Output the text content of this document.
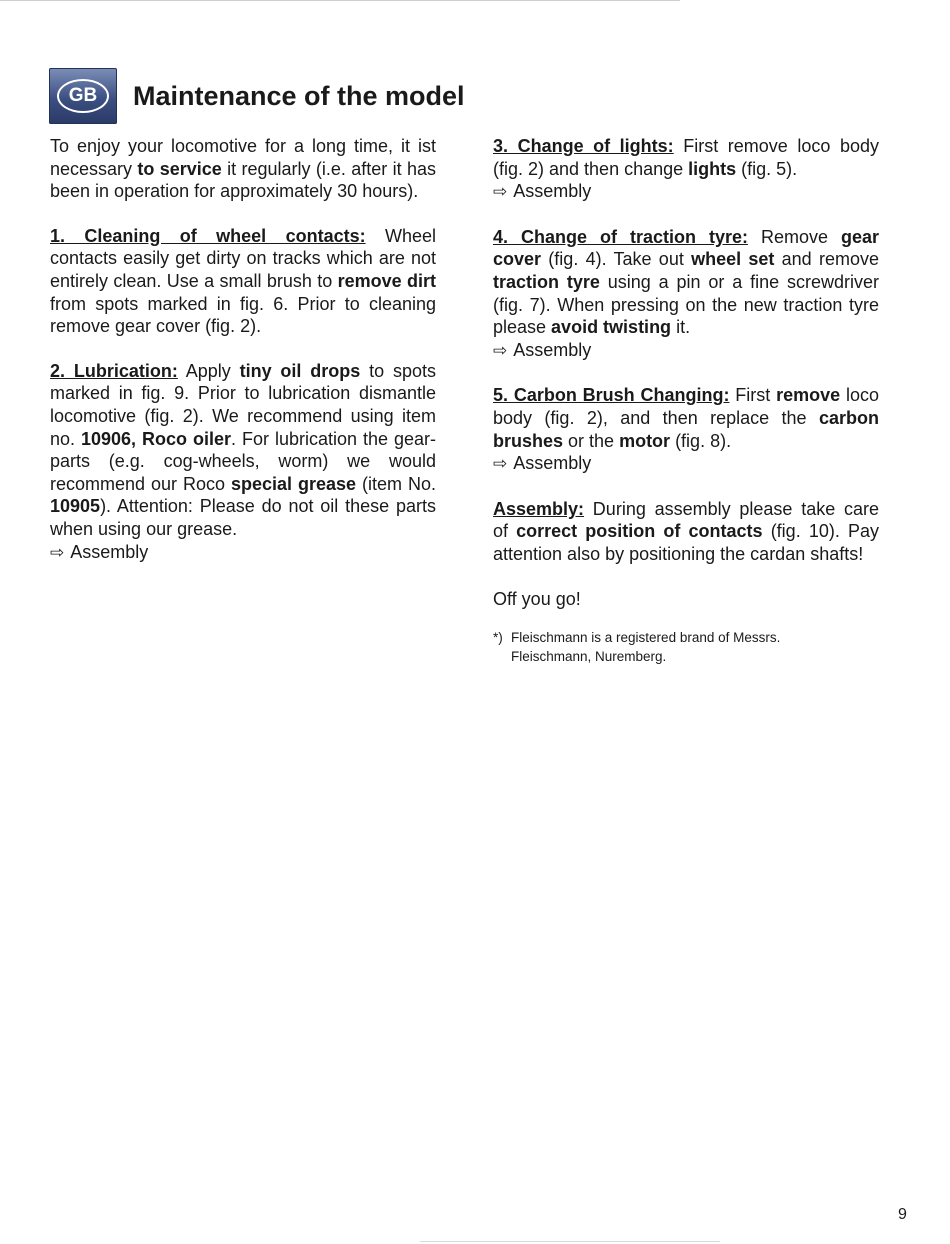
GB	Maintenance of the model

To enjoy your locomotive for a long time, it ist necessary to service it regularly (i.e. after it has been in operation for approximately 30 hours).

1. Cleaning of wheel contacts: Wheel contacts easily get dirty on tracks which are not entirely clean. Use a small brush to remove dirt from spots marked in fig. 6. Prior to cleaning remove gear cover (fig. 2).

2. Lubrication: Apply tiny oil drops to spots marked in fig. 9. Prior to lubrication dismantle locomotive (fig. 2). We recommend using item no. 10906, Roco oiler. For lubrication the gear-parts (e.g. cog-wheels, worm) we would recommend our Roco special grease (item No. 10905). Attention: Please do not oil these parts when using our grease.
⇨ Assembly

3. Change of lights: First remove loco body (fig. 2) and then change lights (fig. 5).
⇨ Assembly

4. Change of traction tyre: Remove gear cover (fig. 4). Take out wheel set and remove traction tyre using a pin or a fine screwdriver (fig. 7). When pressing on the new traction tyre please avoid twisting it.
⇨ Assembly

5. Carbon Brush Changing: First remove loco body (fig. 2), and then replace the carbon brushes or the motor (fig. 8).
⇨ Assembly

Assembly: During assembly please take care of correct position of contacts (fig. 10). Pay attention also by positioning the cardan shafts!

Off you go!

*) Fleischmann is a registered brand of Messrs.
Fleischmann, Nuremberg.
9
